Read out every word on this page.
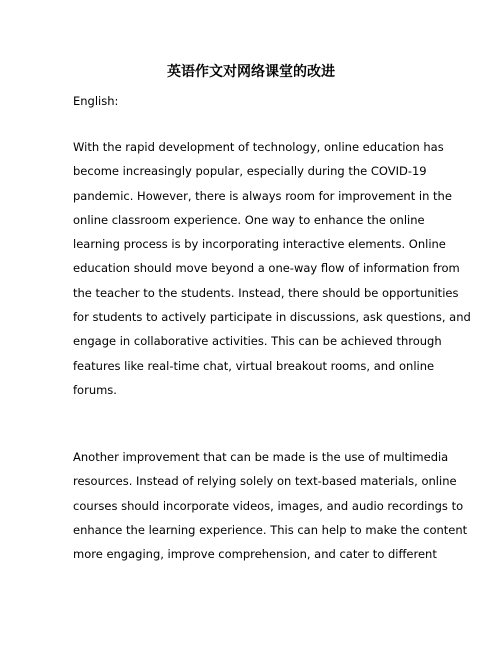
英语作文对网络课堂的改进
English:
With the rapid development of technology, online education has
become increasingly popular, especially during the COVID-19
pandemic. However, there is always room for improvement in the
online classroom experience. One way to enhance the online
learning process is by incorporating interactive elements. Online
education should move beyond a one-way flow of information from
the teacher to the students. Instead, there should be opportunities
for students to actively participate in discussions, ask questions, and
engage in collaborative activities. This can be achieved through
features like real-time chat, virtual breakout rooms, and online
forums.
Another improvement that can be made is the use of multimedia
resources. Instead of relying solely on text-based materials, online
courses should incorporate videos, images, and audio recordings to
enhance the learning experience. This can help to make the content
more engaging, improve comprehension, and cater to different
